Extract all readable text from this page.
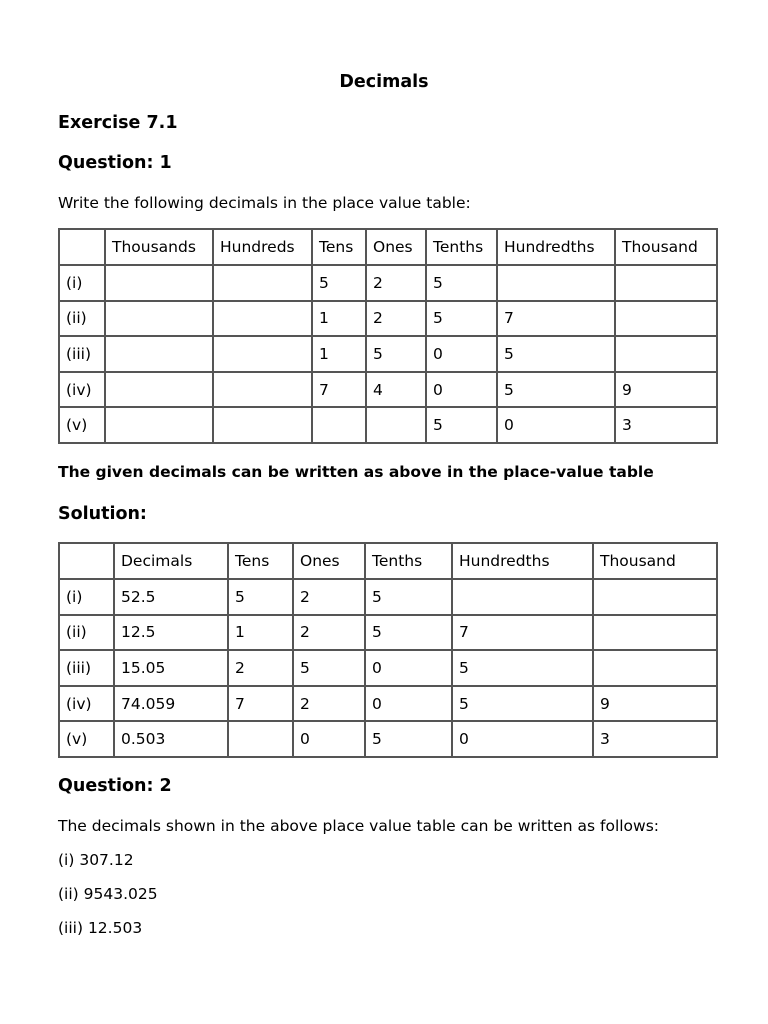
Decimals
Exercise 7.1
Question: 1

Write the following decimals in the place value table:

	Thousands	Hundreds	Tens	Ones	Tenths	Hundredths	Thousand
(i)			5	2	5		
(ii)			1	2	5	7	
(iii)			1	5	0	5	
(iv)			7	4	0	5	9
(v)					5	0	3

The given decimals can be written as above in the place-value table

Solution:
	Decimals	Tens	Ones	Tenths	Hundredths	Thousand
(i)	52.5	5	2	5		
(ii)	12.5	1	2	5	7	
(iii)	15.05	2	5	0	5	
(iv)	74.059	7	2	0	5	9
(v)	0.503		0	5	0	3
Question: 2

The decimals shown in the above place value table can be written as follows:

(i) 307.12

(ii) 9543.025

(iii) 12.503
